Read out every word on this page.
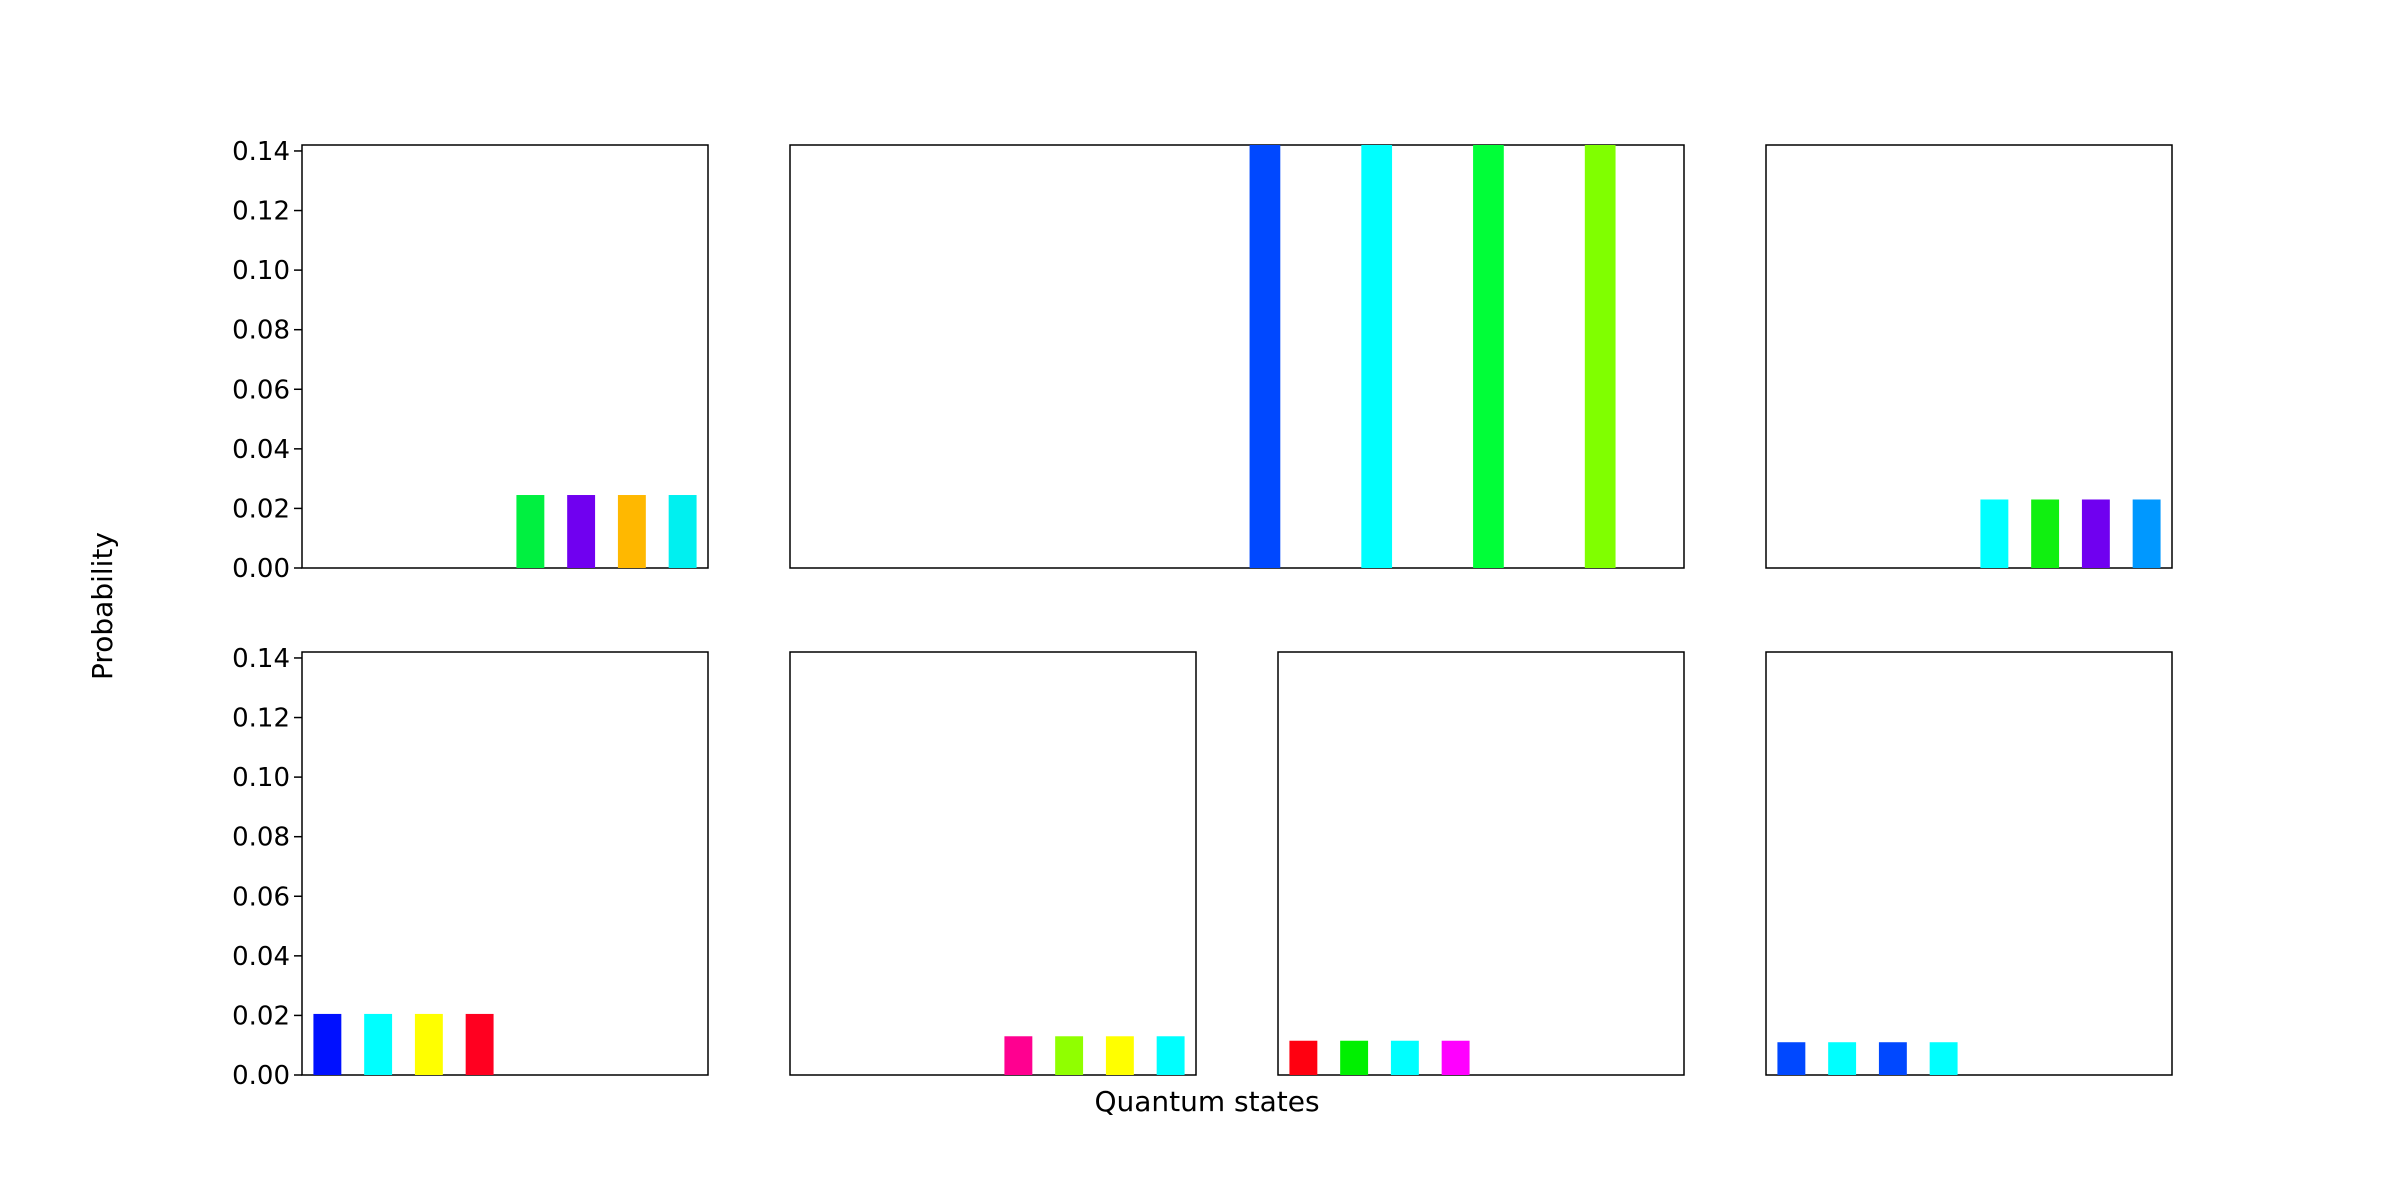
Probability
Quantum states
0.00
0.02
0.04
0.06
0.08
0.10
0.12
0.14
0.00
0.02
0.04
0.06
0.08
0.10
0.12
0.14
